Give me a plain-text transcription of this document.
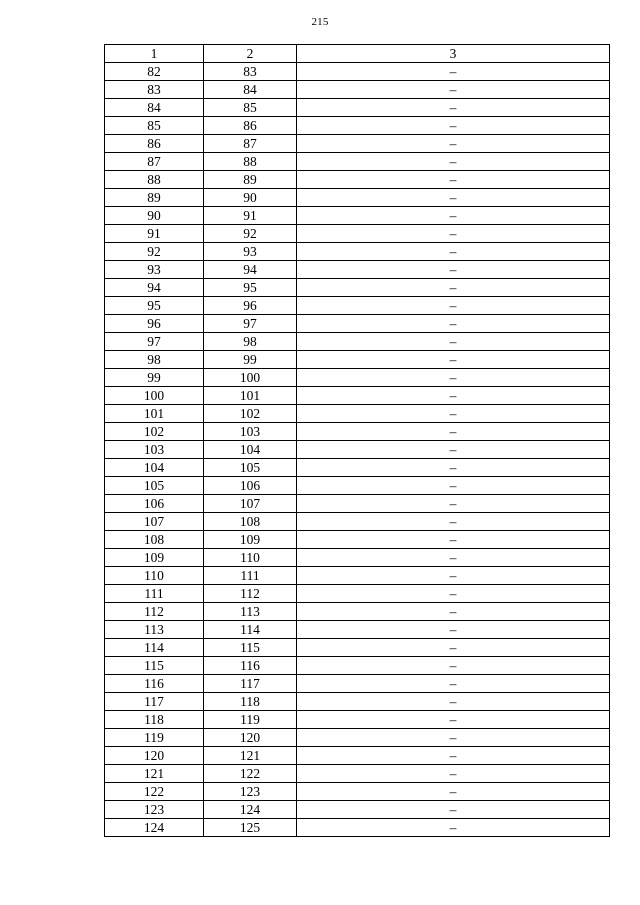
215
1	2	3
82	83	–
83	84	–
84	85	–
85	86	–
86	87	–
87	88	–
88	89	–
89	90	–
90	91	–
91	92	–
92	93	–
93	94	–
94	95	–
95	96	–
96	97	–
97	98	–
98	99	–
99	100	–
100	101	–
101	102	–
102	103	–
103	104	–
104	105	–
105	106	–
106	107	–
107	108	–
108	109	–
109	110	–
110	111	–
111	112	–
112	113	–
113	114	–
114	115	–
115	116	–
116	117	–
117	118	–
118	119	–
119	120	–
120	121	–
121	122	–
122	123	–
123	124	–
124	125	–
